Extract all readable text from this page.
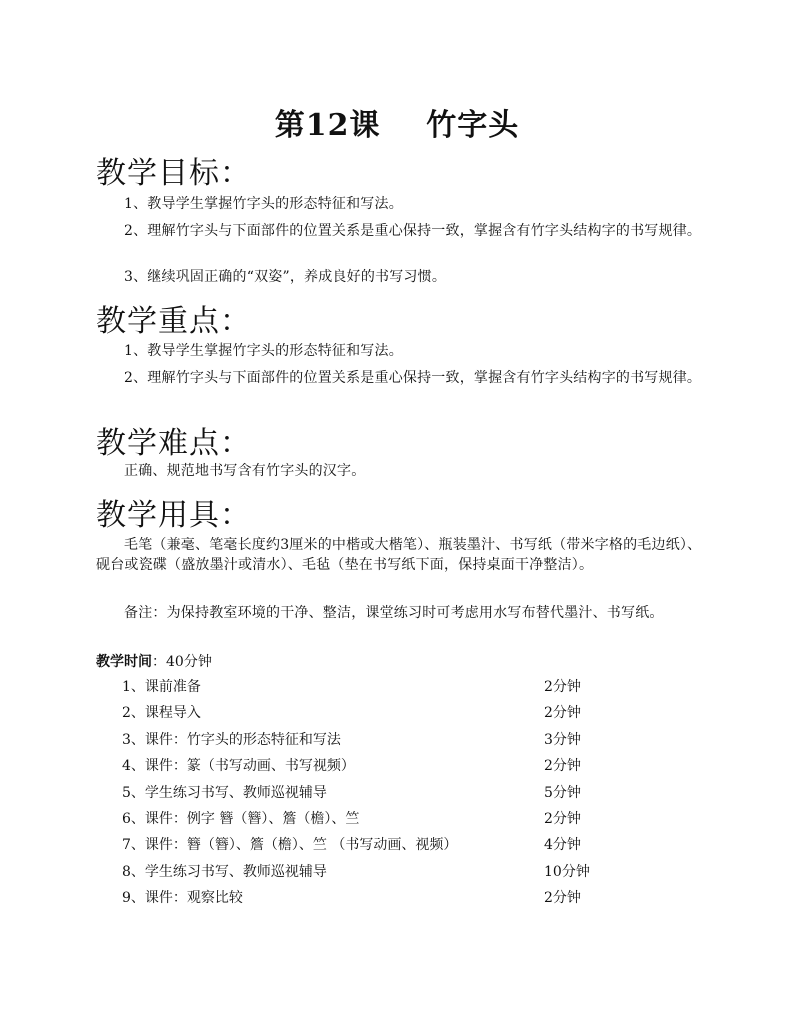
第12课    竹字头
教学目标：
1、教导学生掌握竹字头的形态特征和写法。
2、理解竹字头与下面部件的位置关系是重心保持一致，掌握含有竹字头结构字的书写规律。
3、继续巩固正确的“双姿”，养成良好的书写习惯。
教学重点：
1、教导学生掌握竹字头的形态特征和写法。
2、理解竹字头与下面部件的位置关系是重心保持一致，掌握含有竹字头结构字的书写规律。
教学难点：
正确、规范地书写含有竹字头的汉字。
教学用具：
毛笔（兼毫、笔毫长度约3厘米的中楷或大楷笔）、瓶装墨汁、书写纸（带米字格的毛边纸）、砚台或瓷碟（盛放墨汁或清水）、毛毡（垫在书写纸下面，保持桌面干净整洁）。
备注：为保持教室环境的干净、整洁，课堂练习时可考虑用水写布替代墨汁、书写纸。
教学时间：40分钟
1、课前准备	2分钟
2、课程导入	2分钟
3、课件：竹字头的形态特征和写法	3分钟
4、课件：篆（书写动画、书写视频）	2分钟
5、学生练习书写、教师巡视辅导	5分钟
6、课件：例字 簪（簪）、簷（檐）、竺	2分钟
7、课件：簪（簪）、簷（檐）、竺 （书写动画、视频）	4分钟
8、学生练习书写、教师巡视辅导	10分钟
9、课件：观察比较	2分钟
